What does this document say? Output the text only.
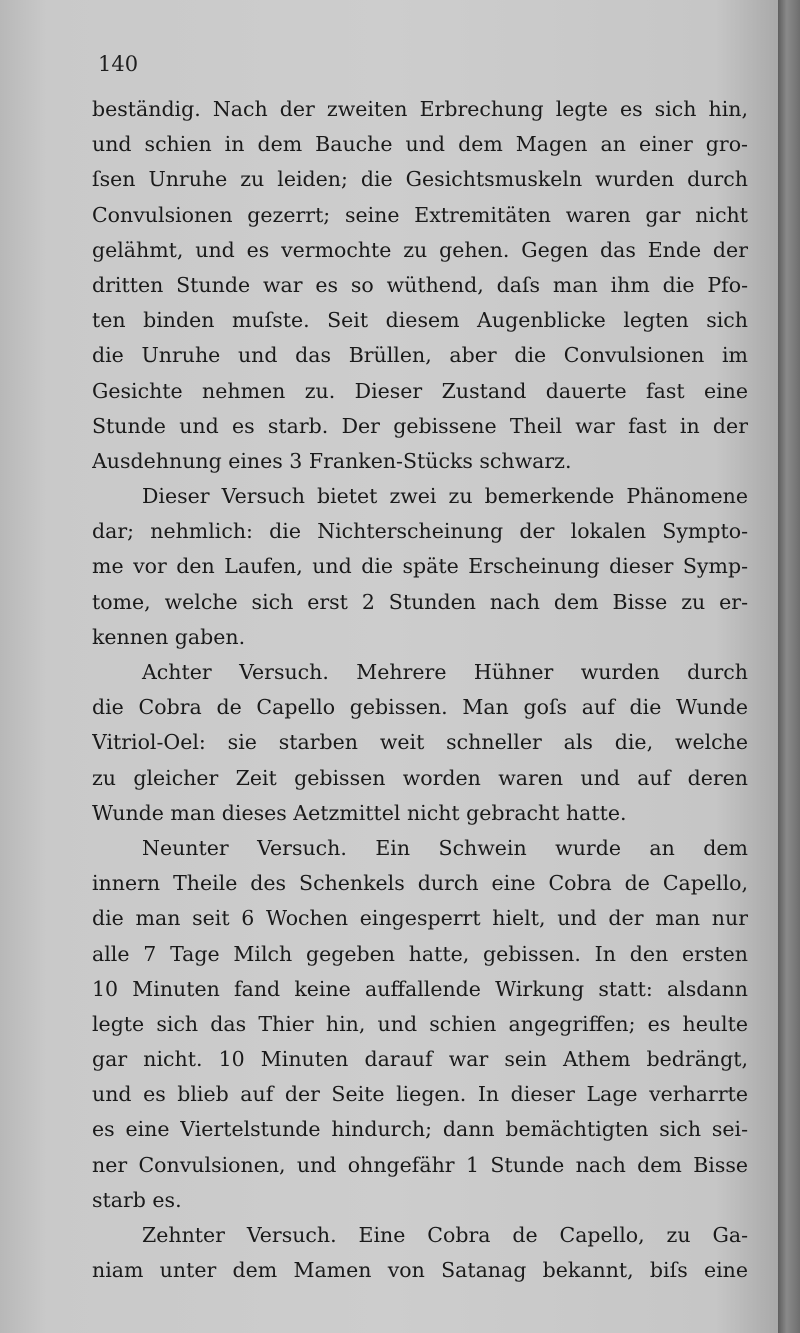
140
beständig. Nach der zweiten Erbrechung legte es sich hin,
und schien in dem Bauche und dem Magen an einer gro-
ſsen Unruhe zu leiden; die Gesichtsmuskeln wurden durch
Convulsionen gezerrt; seine Extremitäten waren gar nicht
gelähmt, und es vermochte zu gehen. Gegen das Ende der
dritten Stunde war es so wüthend, daſs man ihm die Pfo-
ten binden muſste. Seit diesem Augenblicke legten sich
die Unruhe und das Brüllen, aber die Convulsionen im
Gesichte nehmen zu. Dieser Zustand dauerte fast eine
Stunde und es starb. Der gebissene Theil war fast in der
Ausdehnung eines 3 Franken-Stücks schwarz.
Dieser Versuch bietet zwei zu bemerkende Phänomene
dar; nehmlich: die Nichterscheinung der lokalen Sympto-
me vor den Laufen, und die späte Erscheinung dieser Symp-
tome, welche sich erst 2 Stunden nach dem Bisse zu er-
kennen gaben.
Achter Versuch. Mehrere Hühner wurden durch
die Cobra de Capello gebissen. Man goſs auf die Wunde
Vitriol-Oel: sie starben weit schneller als die, welche
zu gleicher Zeit gebissen worden waren und auf deren
Wunde man dieses Aetzmittel nicht gebracht hatte.
Neunter Versuch. Ein Schwein wurde an dem
innern Theile des Schenkels durch eine Cobra de Capello,
die man seit 6 Wochen eingesperrt hielt, und der man nur
alle 7 Tage Milch gegeben hatte, gebissen. In den ersten
10 Minuten fand keine auffallende Wirkung statt: alsdann
legte sich das Thier hin, und schien angegriffen; es heulte
gar nicht. 10 Minuten darauf war sein Athem bedrängt,
und es blieb auf der Seite liegen. In dieser Lage verharrte
es eine Viertelstunde hindurch; dann bemächtigten sich sei-
ner Convulsionen, und ohngefähr 1 Stunde nach dem Bisse
starb es.
Zehnter Versuch. Eine Cobra de Capello, zu Ga-
niam unter dem Mamen von Satanag bekannt, biſs eine
